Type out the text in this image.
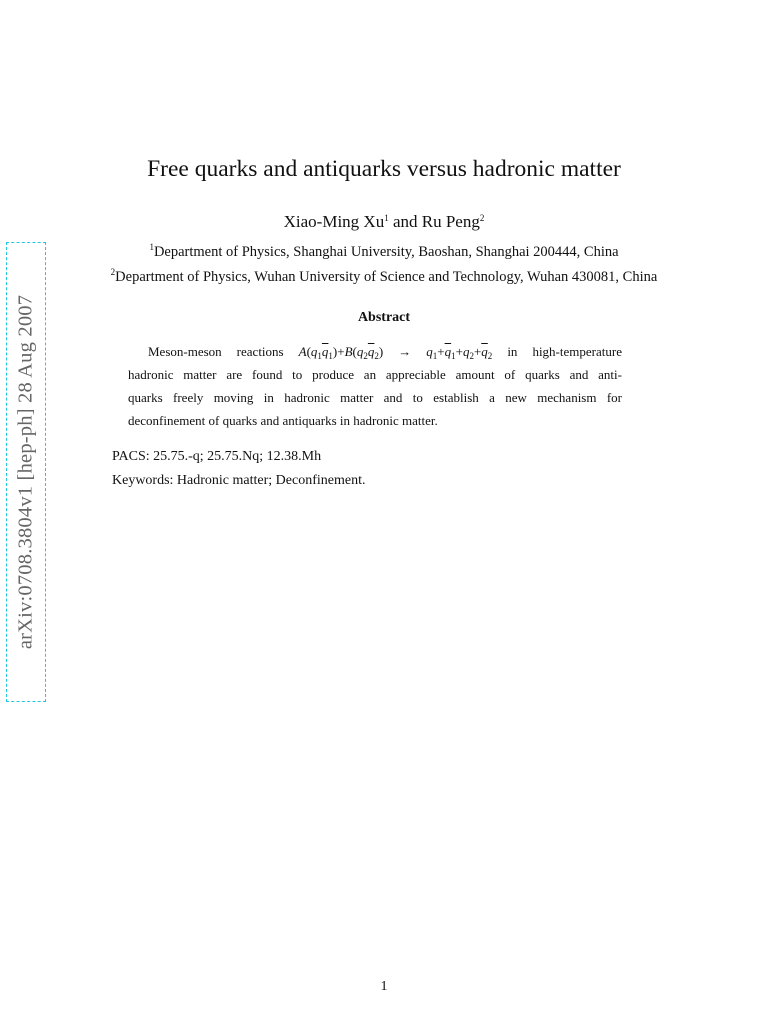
arXiv:0708.3804v1 [hep-ph] 28 Aug 2007
Free quarks and antiquarks versus hadronic matter
Xiao-Ming Xu$^1$ and Ru Peng$^2$
$^1$Department of Physics, Shanghai University, Baoshan, Shanghai 200444, China
$^2$Department of Physics, Wuhan University of Science and Technology, Wuhan 430081, China
Abstract
Meson-meson reactions $A(q_1\overline{q}_1)+B(q_2\overline{q}_2) \to q_1+\overline{q}_1+q_2+\overline{q}_2$ in high-temperature
hadronic matter are found to produce an appreciable amount of quarks and anti-
quarks freely moving in hadronic matter and to establish a new mechanism for
deconfinement of quarks and antiquarks in hadronic matter.
PACS: 25.75.-q; 25.75.Nq; 12.38.Mh
Keywords: Hadronic matter; Deconfinement.
1
